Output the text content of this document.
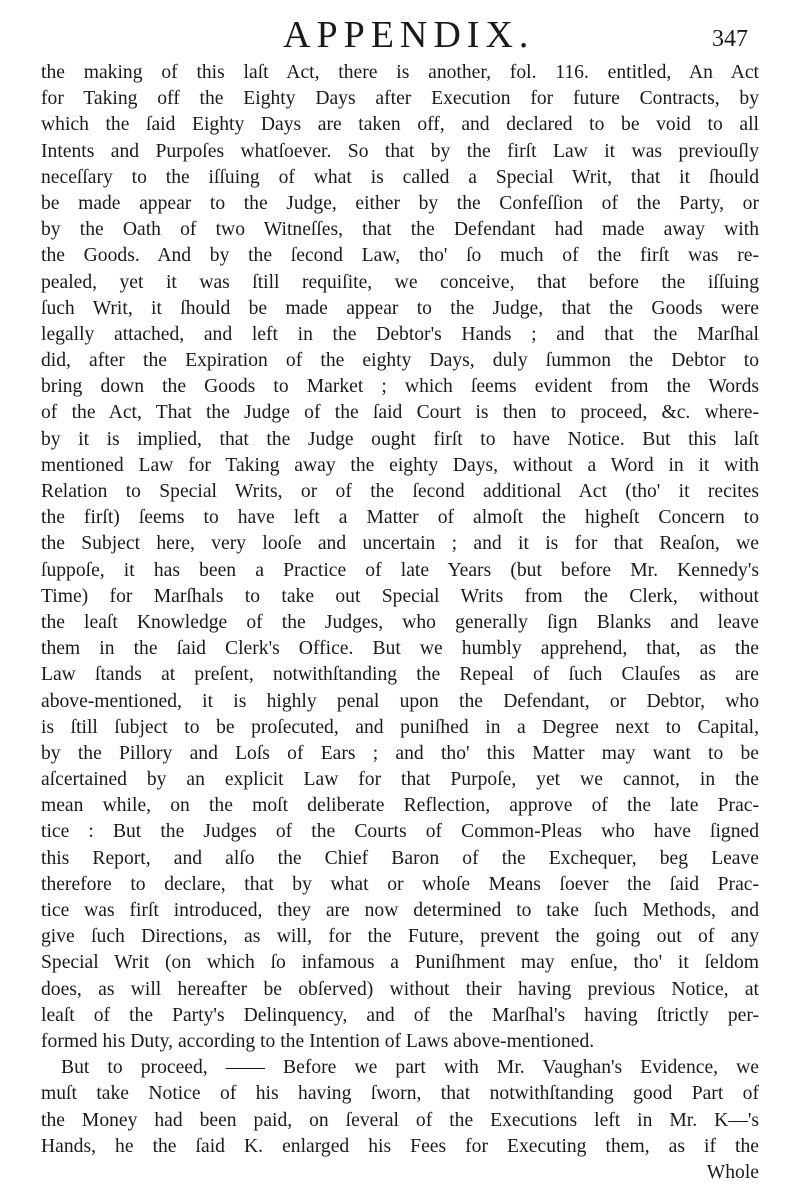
APPENDIX.	347
the making of this laſt Act, there is another, fol. 116. entitled, An Act
for Taking off the Eighty Days after Execution for future Contracts, by
which the ſaid Eighty Days are taken off, and declared to be void to all
Intents and Purpoſes whatſoever. So that by the firſt Law it was previouſly
neceſſary to the iſſuing of what is called a Special Writ, that it ſhould
be made appear to the Judge, either by the Confeſſion of the Party, or
by the Oath of two Witneſſes, that the Defendant had made away with
the Goods. And by the ſecond Law, tho' ſo much of the firſt was re-
pealed, yet it was ſtill requiſite, we conceive, that before the iſſuing
ſuch Writ, it ſhould be made appear to the Judge, that the Goods were
legally attached, and left in the Debtor's Hands ; and that the Marſhal
did, after the Expiration of the eighty Days, duly ſummon the Debtor to
bring down the Goods to Market ; which ſeems evident from the Words
of the Act, That the Judge of the ſaid Court is then to proceed, &c. where-
by it is implied, that the Judge ought firſt to have Notice. But this laſt
mentioned Law for Taking away the eighty Days, without a Word in it with
Relation to Special Writs, or of the ſecond additional Act (tho' it recites
the firſt) ſeems to have left a Matter of almoſt the higheſt Concern to
the Subject here, very looſe and uncertain ; and it is for that Reaſon, we
ſuppoſe, it has been a Practice of late Years (but before Mr. Kennedy's
Time) for Marſhals to take out Special Writs from the Clerk, without
the leaſt Knowledge of the Judges, who generally ſign Blanks and leave
them in the ſaid Clerk's Office. But we humbly apprehend, that, as the
Law ſtands at preſent, notwithſtanding the Repeal of ſuch Clauſes as are
above-mentioned, it is highly penal upon the Defendant, or Debtor, who
is ſtill ſubject to be proſecuted, and puniſhed in a Degree next to Capital,
by the Pillory and Loſs of Ears ; and tho' this Matter may want to be
aſcertained by an explicit Law for that Purpoſe, yet we cannot, in the
mean while, on the moſt deliberate Reflection, approve of the late Prac-
tice : But the Judges of the Courts of Common-Pleas who have ſigned
this Report, and alſo the Chief Baron of the Exchequer, beg Leave
therefore to declare, that by what or whoſe Means ſoever the ſaid Prac-
tice was firſt introduced, they are now determined to take ſuch Methods, and
give ſuch Directions, as will, for the Future, prevent the going out of any
Special Writ (on which ſo infamous a Puniſhment may enſue, tho' it ſeldom
does, as will hereafter be obſerved) without their having previous Notice, at
leaſt of the Party's Delinquency, and of the Marſhal's having ſtrictly per-
formed his Duty, according to the Intention of Laws above-mentioned.
But to proceed, —— Before we part with Mr. Vaughan's Evidence, we
muſt take Notice of his having ſworn, that notwithſtanding good Part of
the Money had been paid, on ſeveral of the Executions left in Mr. K—'s
Hands, he the ſaid K. enlarged his Fees for Executing them, as if the
Whole
